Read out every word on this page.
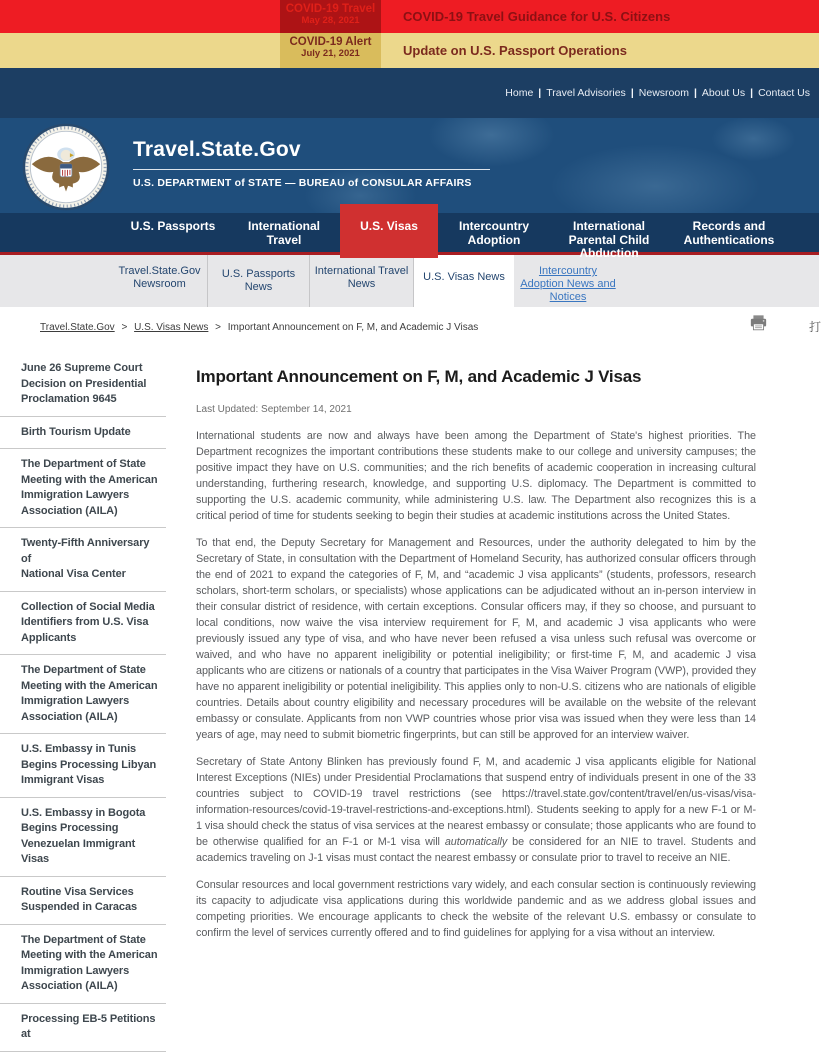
COVID-19 Travel
May 28, 2021	COVID-19 Travel Guidance for U.S. Citizens
COVID-19 Alert
July 21, 2021	Update on U.S. Passport Operations
Home | Travel Advisories | Newsroom | About Us | Contact Us
Travel.State.Gov
U.S. DEPARTMENT of STATE — BUREAU of CONSULAR AFFAIRS
U.S. Passports	International
Travel
U.S. Visas	Intercountry
Adoption
International
Parental Child
Abduction
Records and
Authentications
Travel.State.Gov
Newsroom
U.S. Passports News
International Travel
News
U.S. Visas News	Intercountry
Adoption News and
Notices
Travel.State.Gov > U.S. Visas News > Important Announcement on F, M, and Academic J Visas	打
June 26 Supreme Court
Decision on Presidential
Proclamation 9645
Birth Tourism Update
The Department of State
Meeting with the American
Immigration Lawyers
Association (AILA)
Twenty-Fifth Anniversary of
National Visa Center
Collection of Social Media
Identifiers from U.S. Visa
Applicants
The Department of State
Meeting with the American
Immigration Lawyers
Association (AILA)
U.S. Embassy in Tunis
Begins Processing Libyan
Immigrant Visas
U.S. Embassy in Bogota
Begins Processing
Venezuelan Immigrant Visas
Routine Visa Services
Suspended in Caracas
The Department of State
Meeting with the American
Immigration Lawyers
Association (AILA)
Processing EB-5 Petitions at
Important Announcement on F, M, and Academic J Visas
Last Updated: September 14, 2021

International students are now and always have been among the Department of State's highest priorities. The Department recognizes the important contributions these students make to our college and university campuses; the positive impact they have on U.S. communities; and the rich benefits of academic cooperation in increasing cultural understanding, furthering research, knowledge, and supporting U.S. diplomacy. The Department is committed to supporting the U.S. academic community, while administering U.S. law. The Department also recognizes this is a critical period of time for students seeking to begin their studies at academic institutions across the United States.

To that end, the Deputy Secretary for Management and Resources, under the authority delegated to him by the Secretary of State, in consultation with the Department of Homeland Security, has authorized consular officers through the end of 2021 to expand the categories of F, M, and “academic J visa applicants” (students, professors, research scholars, short-term scholars, or specialists) whose applications can be adjudicated without an in-person interview in their consular district of residence, with certain exceptions. Consular officers may, if they so choose, and pursuant to local conditions, now waive the visa interview requirement for F, M, and academic J visa applicants who were previously issued any type of visa, and who have never been refused a visa unless such refusal was overcome or waived, and who have no apparent ineligibility or potential ineligibility; or first-time F, M, and academic J visa applicants who are citizens or nationals of a country that participates in the Visa Waiver Program (VWP), provided they have no apparent ineligibility or potential ineligibility. This applies only to non-U.S. citizens who are nationals of eligible countries. Details about country eligibility and necessary procedures will be available on the website of the relevant embassy or consulate. Applicants from non VWP countries whose prior visa was issued when they were less than 14 years of age, may need to submit biometric fingerprints, but can still be approved for an interview waiver.

Secretary of State Antony Blinken has previously found F, M, and academic J visa applicants eligible for National Interest Exceptions (NIEs) under Presidential Proclamations that suspend entry of individuals present in one of the 33 countries subject to COVID-19 travel restrictions (see https://travel.state.gov/content/travel/en/us-visas/visa-information-resources/covid-19-travel-restrictions-and-exceptions.html). Students seeking to apply for a new F-1 or M-1 visa should check the status of visa services at the nearest embassy or consulate; those applicants who are found to be otherwise qualified for an F-1 or M-1 visa will automatically be considered for an NIE to travel. Students and academics traveling on J-1 visas must contact the nearest embassy or consulate prior to travel to receive an NIE.

Consular resources and local government restrictions vary widely, and each consular section is continuously reviewing its capacity to adjudicate visa applications during this worldwide pandemic and as we address global issues and competing priorities. We encourage applicants to check the website of the relevant U.S. embassy or consulate to confirm the level of services currently offered and to find guidelines for applying for a visa without an interview.
